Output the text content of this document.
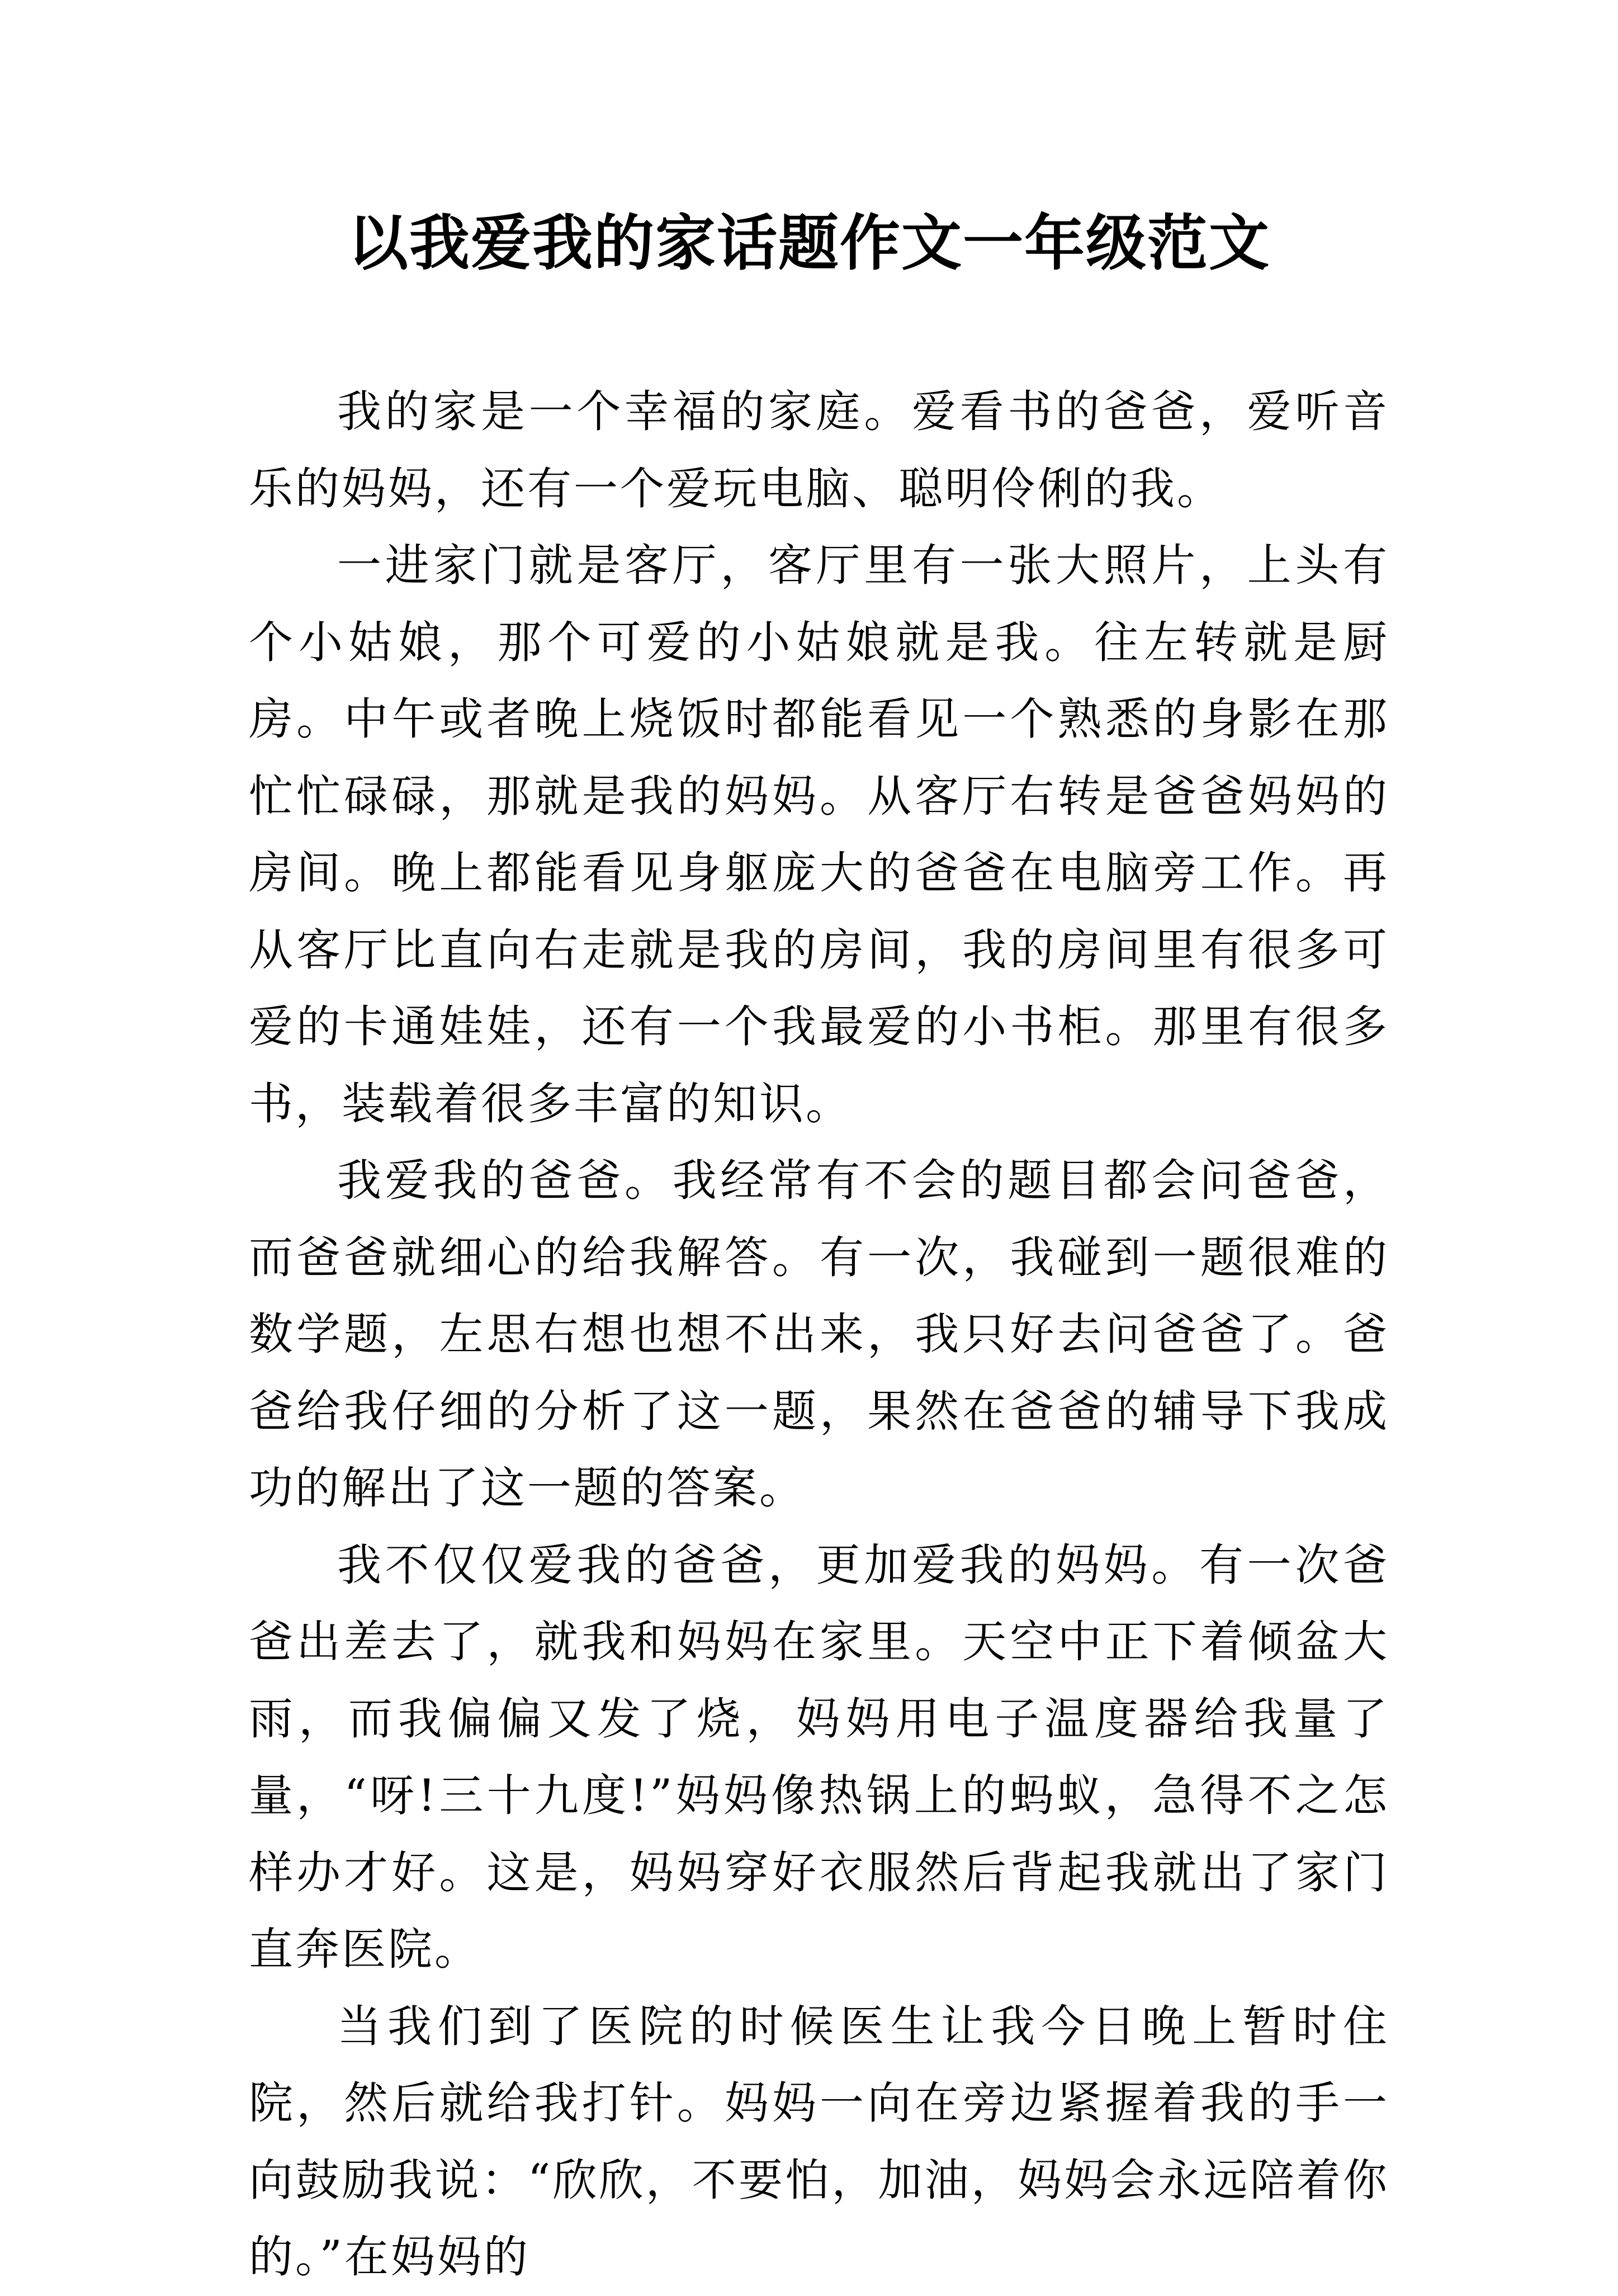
以我爱我的家话题作文一年级范文

我的家是一个幸福的家庭。爱看书的爸爸，爱听音乐的妈妈，还有一个爱玩电脑、聪明伶俐的我。

一进家门就是客厅，客厅里有一张大照片，上头有个小姑娘，那个可爱的小姑娘就是我。往左转就是厨房。中午或者晚上烧饭时都能看见一个熟悉的身影在那忙忙碌碌，那就是我的妈妈。从客厅右转是爸爸妈妈的房间。晚上都能看见身躯庞大的爸爸在电脑旁工作。再从客厅比直向右走就是我的房间，我的房间里有很多可爱的卡通娃娃，还有一个我最爱的小书柜。那里有很多书，装载着很多丰富的知识。

我爱我的爸爸。我经常有不会的题目都会问爸爸，而爸爸就细心的给我解答。有一次，我碰到一题很难的数学题，左思右想也想不出来，我只好去问爸爸了。爸爸给我仔细的分析了这一题，果然在爸爸的辅导下我成功的解出了这一题的答案。

我不仅仅爱我的爸爸，更加爱我的妈妈。有一次爸爸出差去了，就我和妈妈在家里。天空中正下着倾盆大雨，而我偏偏又发了烧，妈妈用电子温度器给我量了量，“呀!三十九度!”妈妈像热锅上的蚂蚁，急得不之怎样办才好。这是，妈妈穿好衣服然后背起我就出了家门直奔医院。

当我们到了医院的时候医生让我今日晚上暂时住院，然后就给我打针。妈妈一向在旁边紧握着我的手一向鼓励我说：“欣欣，不要怕，加油，妈妈会永远陪着你的。”在妈妈的
